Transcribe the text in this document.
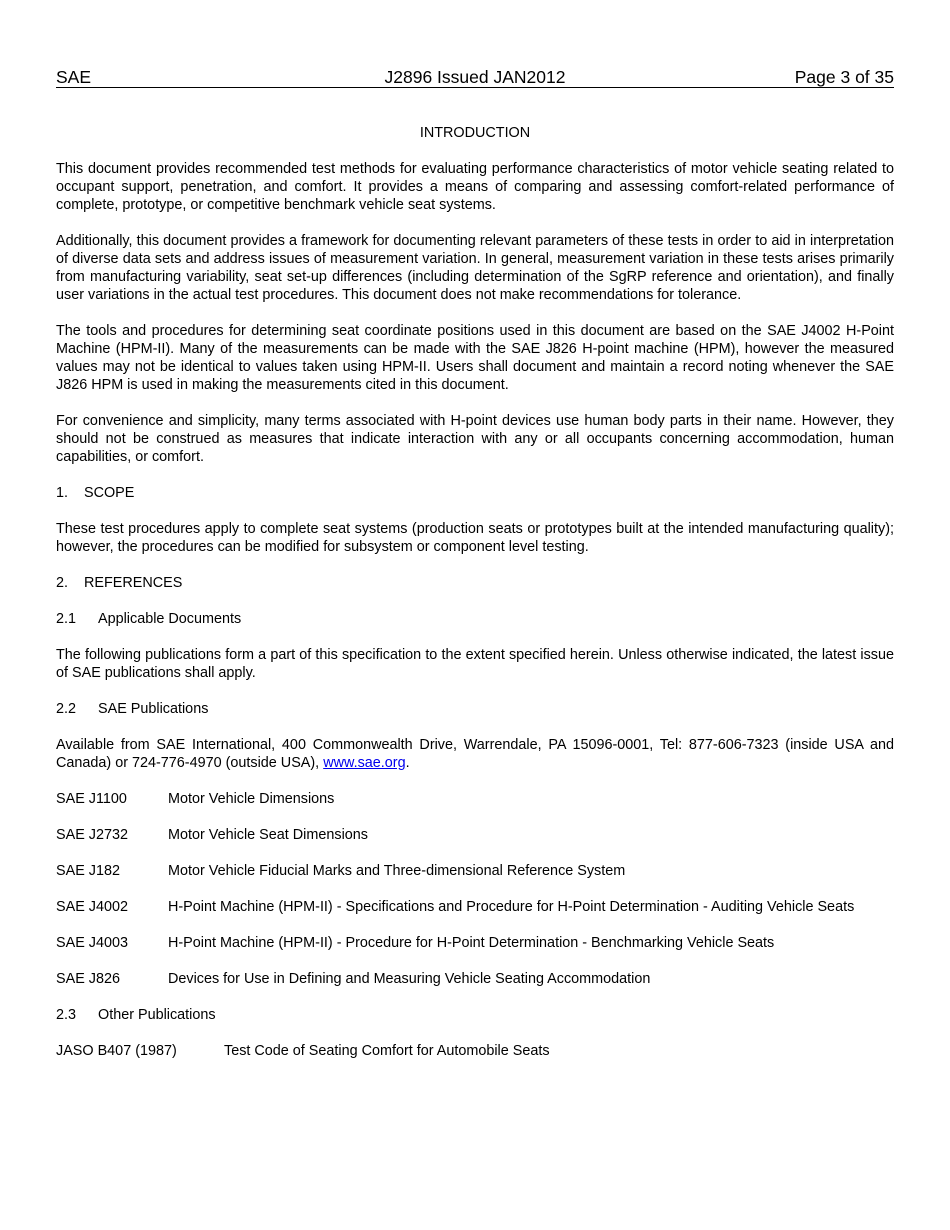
SAE	J2896 Issued JAN2012	Page 3 of 35
INTRODUCTION

This document provides recommended test methods for evaluating performance characteristics of motor vehicle seating related to occupant support, penetration, and comfort. It provides a means of comparing and assessing comfort-related performance of complete, prototype, or competitive benchmark vehicle seat systems.

Additionally, this document provides a framework for documenting relevant parameters of these tests in order to aid in interpretation of diverse data sets and address issues of measurement variation. In general, measurement variation in these tests arises primarily from manufacturing variability, seat set-up differences (including determination of the SgRP reference and orientation), and finally user variations in the actual test procedures. This document does not make recommendations for tolerance.

The tools and procedures for determining seat coordinate positions used in this document are based on the SAE J4002 H-Point Machine (HPM-II). Many of the measurements can be made with the SAE J826 H-point machine (HPM), however the measured values may not be identical to values taken using HPM-II. Users shall document and maintain a record noting whenever the SAE J826 HPM is used in making the measurements cited in this document.

For convenience and simplicity, many terms associated with H-point devices use human body parts in their name. However, they should not be construed as measures that indicate interaction with any or all occupants concerning accommodation, human capabilities, or comfort.

1. SCOPE

These test procedures apply to complete seat systems (production seats or prototypes built at the intended manufacturing quality); however, the procedures can be modified for subsystem or component level testing.

2. REFERENCES
2.1 Applicable Documents

The following publications form a part of this specification to the extent specified herein. Unless otherwise indicated, the latest issue of SAE publications shall apply.

2.2 SAE Publications

Available from SAE International, 400 Commonwealth Drive, Warrendale, PA 15096-0001, Tel: 877-606-7323 (inside USA and Canada) or 724-776-4970 (outside USA), www.sae.org.

SAE J1100	Motor Vehicle Dimensions
SAE J2732	Motor Vehicle Seat Dimensions
SAE J182	Motor Vehicle Fiducial Marks and Three-dimensional Reference System
SAE J4002	H-Point Machine (HPM-II) - Specifications and Procedure for H-Point Determination - Auditing Vehicle Seats
SAE J4003	H-Point Machine (HPM-II) - Procedure for H-Point Determination - Benchmarking Vehicle Seats
SAE J826	Devices for Use in Defining and Measuring Vehicle Seating Accommodation
2.3 Other Publications
JASO B407 (1987)	Test Code of Seating Comfort for Automobile Seats
